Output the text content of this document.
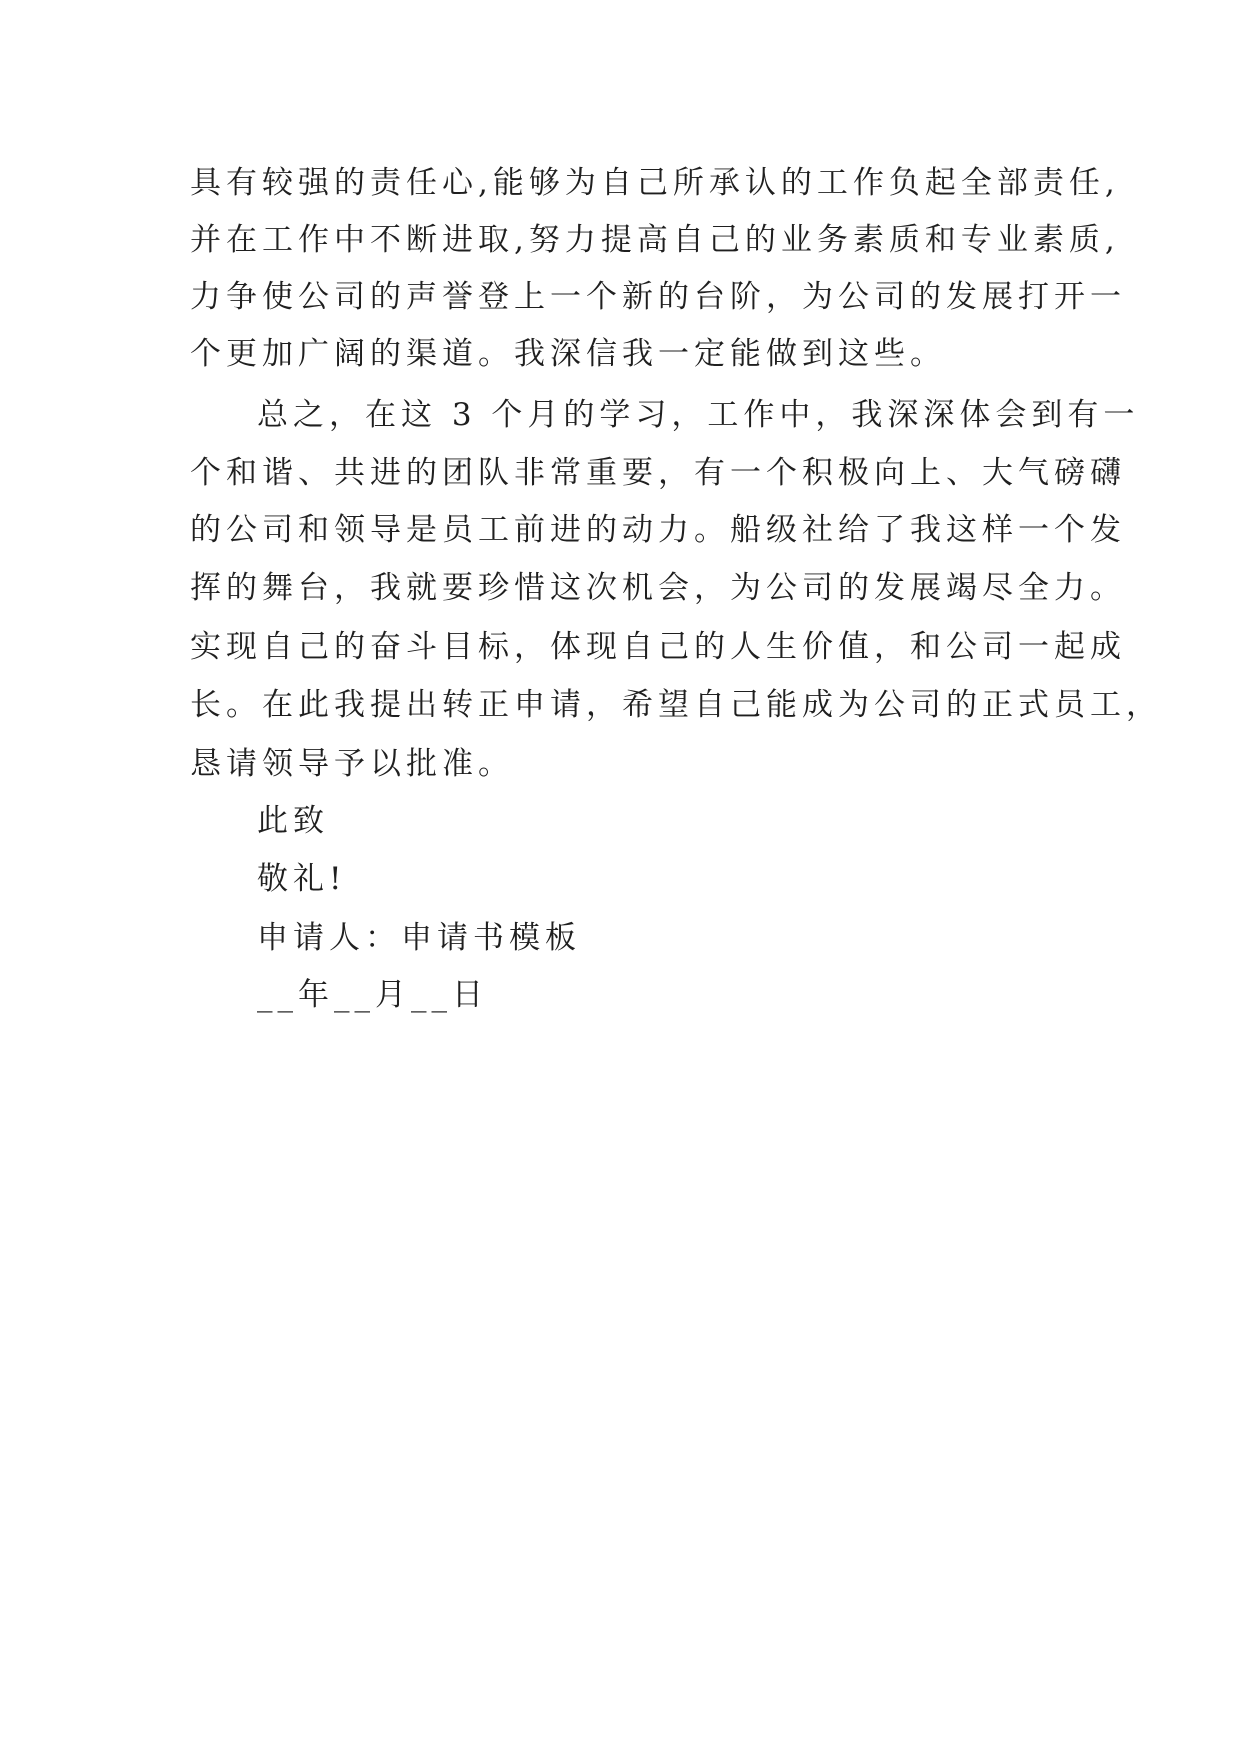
具有较强的责任心,能够为自己所承认的工作负起全部责任,

并在工作中不断进取,努力提高自己的业务素质和专业素质,

力争使公司的声誉登上一个新的台阶，为公司的发展打开一

个更加广阔的渠道。我深信我一定能做到这些。

总之，在这 3 个月的学习，工作中，我深深体会到有一

个和谐、共进的团队非常重要，有一个积极向上、大气磅礴

的公司和领导是员工前进的动力。船级社给了我这样一个发

挥的舞台，我就要珍惜这次机会，为公司的发展竭尽全力。

实现自己的奋斗目标，体现自己的人生价值，和公司一起成

长。在此我提出转正申请，希望自己能成为公司的正式员工，

恳请领导予以批准。

此致

敬礼!

申请人：申请书模板

__年__月__日
